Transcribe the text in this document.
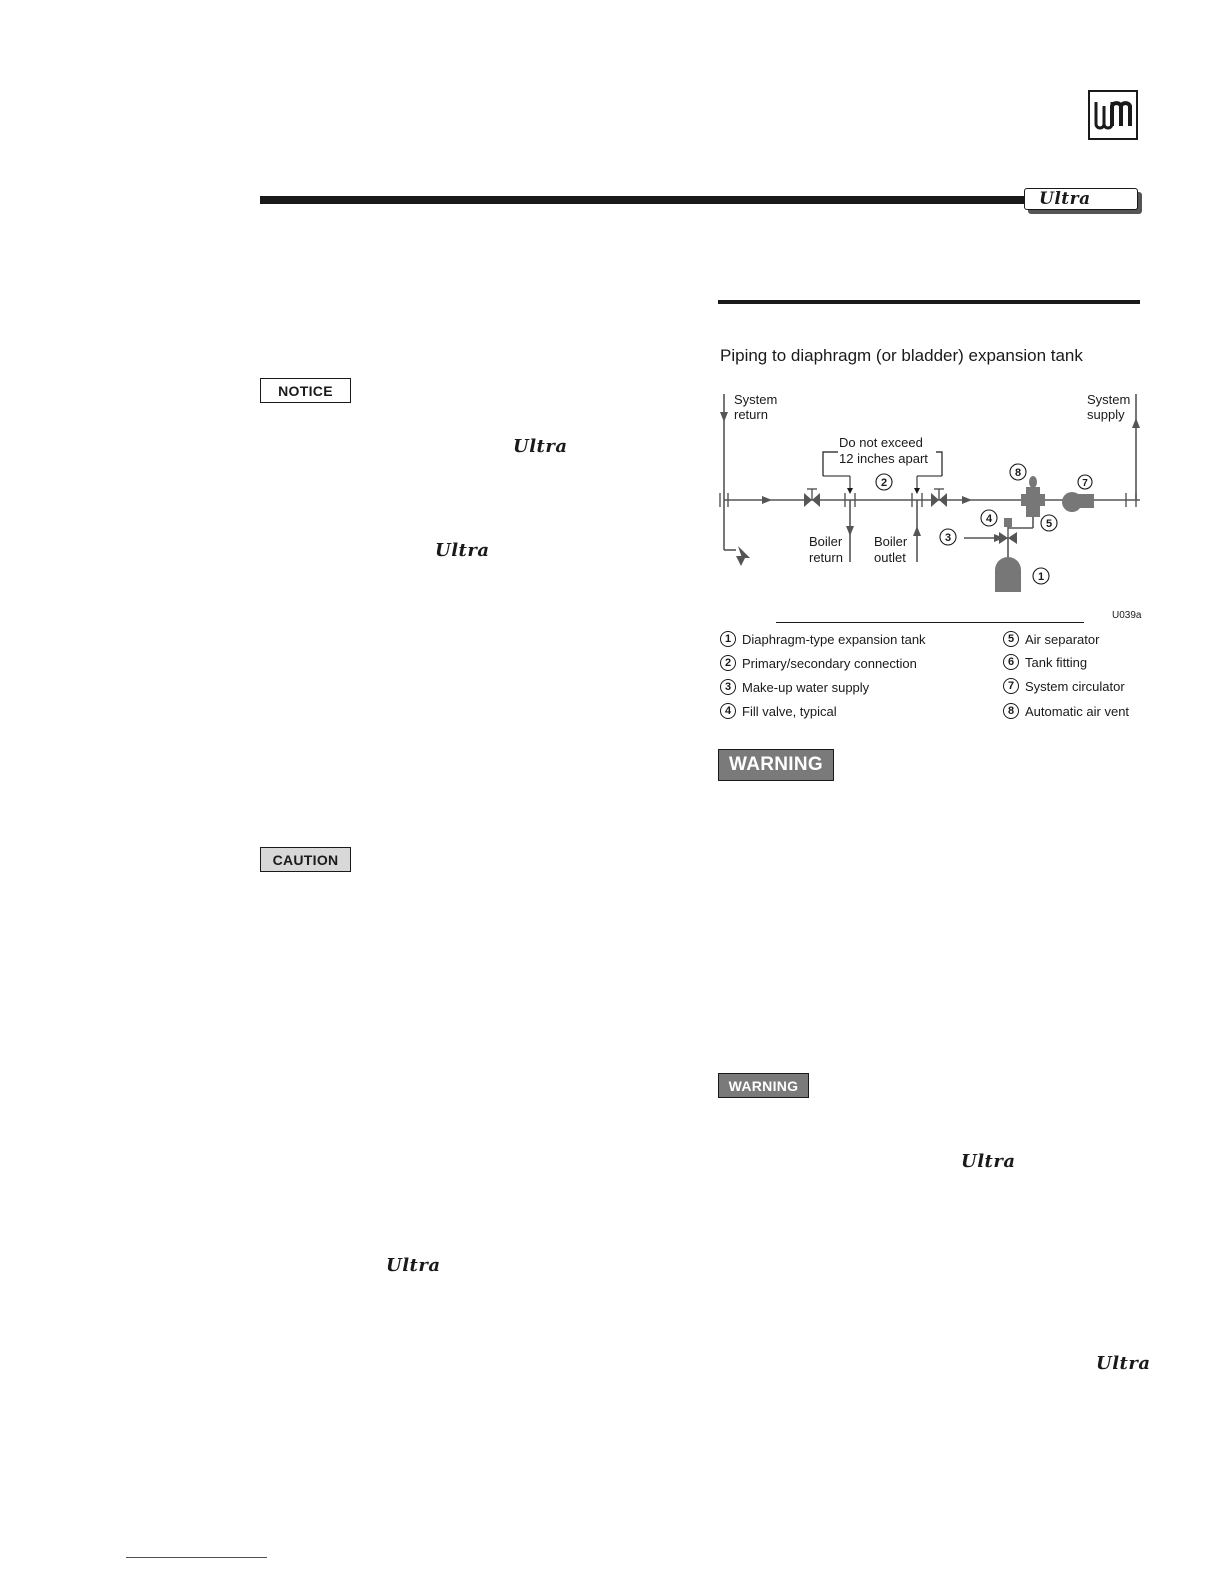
Ultra
Piping to diaphragm (or bladder) expansion tank
2
3
4
1
5
7
8
System
return
System
supply
Do not exceed
12 inches apart
Boiler
return
Boiler
outlet
U039a
1 Diaphragm-type expansion tank
2 Primary/secondary connection
3 Make-up water supply
4 Fill valve, typical
5 Air separator
6 Tank fitting
7 System circulator
8 Automatic air vent
NOTICE
CAUTION
WARNING
WARNING
Ultra
Ultra
Ultra
Ultra
Ultra
